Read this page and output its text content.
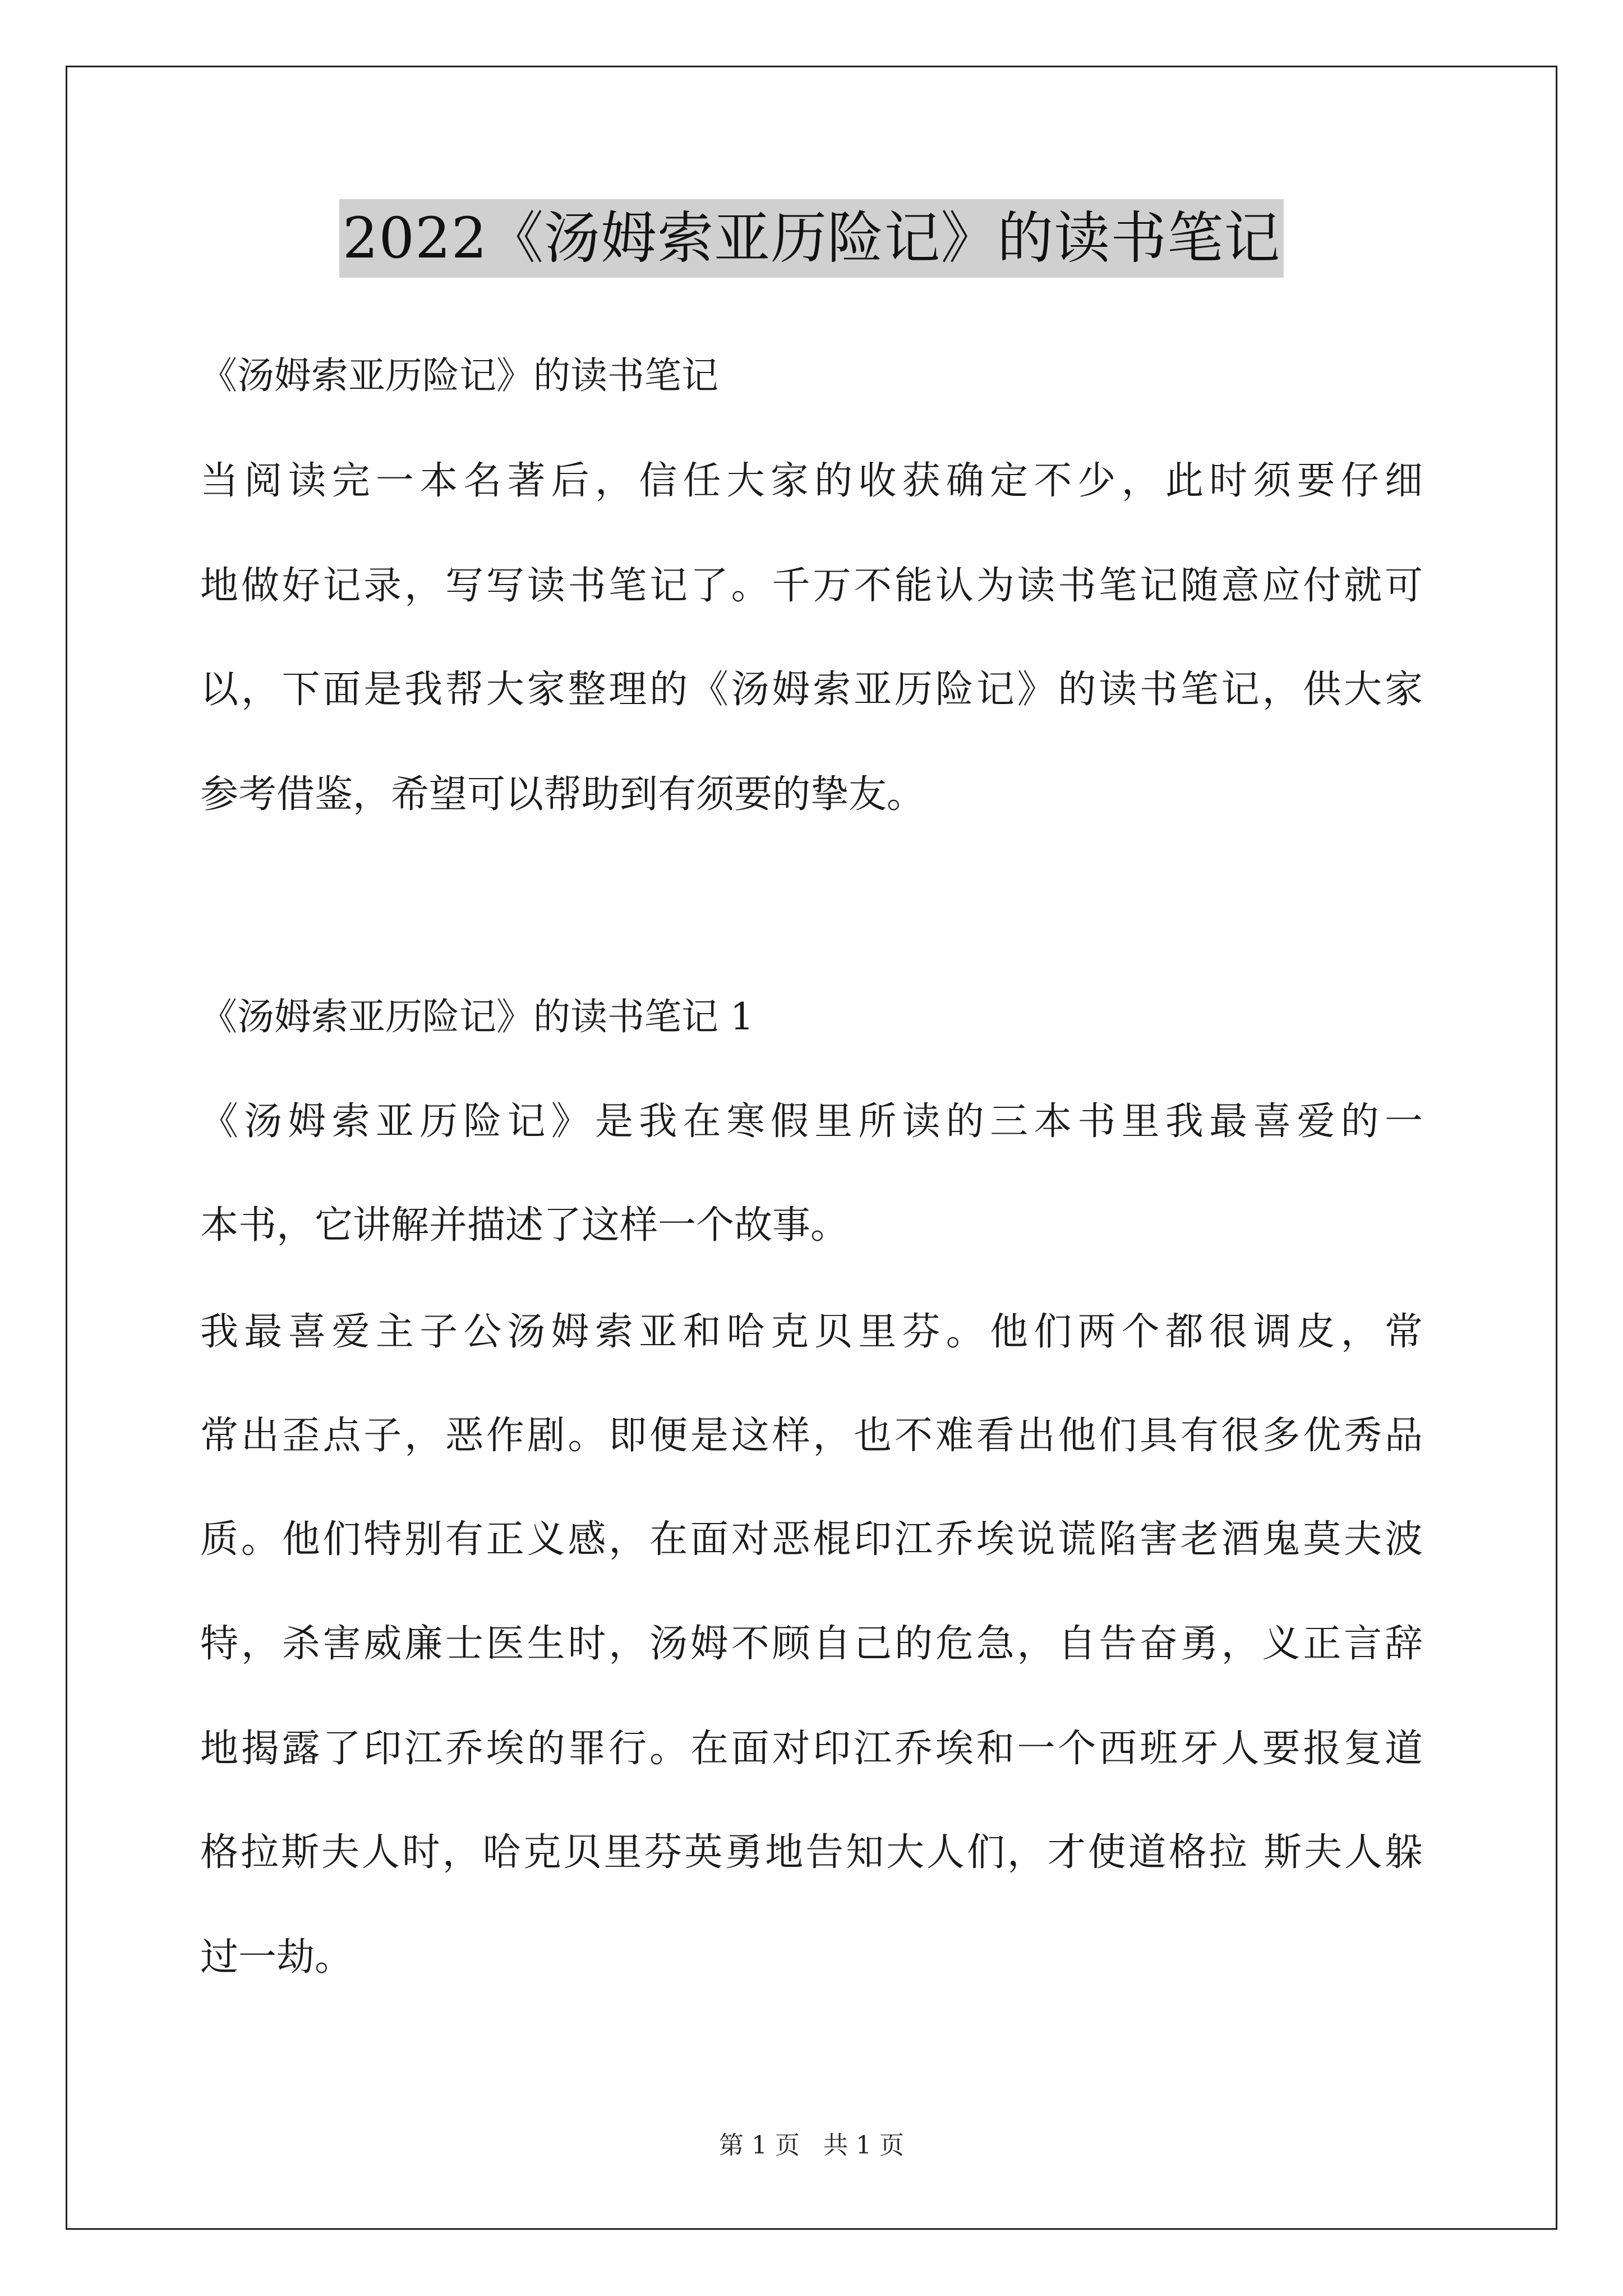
2022《汤姆索亚历险记》的读书笔记
《汤姆索亚历险记》的读书笔记
当阅读完一本名著后，信任大家的收获确定不少，此时须要仔细
地做好记录，写写读书笔记了。千万不能认为读书笔记随意应付就可
以，下面是我帮大家整理的《汤姆索亚历险记》的读书笔记，供大家
参考借鉴，希望可以帮助到有须要的挚友。
《汤姆索亚历险记》的读书笔记 1
《汤姆索亚历险记》是我在寒假里所读的三本书里我最喜爱的一
本书，它讲解并描述了这样一个故事。
我最喜爱主子公汤姆索亚和哈克贝里芬。他们两个都很调皮，常
常出歪点子，恶作剧。即便是这样，也不难看出他们具有很多优秀品
质。他们特别有正义感，在面对恶棍印江乔埃说谎陷害老酒鬼莫夫波
特，杀害威廉士医生时，汤姆不顾自己的危急，自告奋勇，义正言辞
地揭露了印江乔埃的罪行。在面对印江乔埃和一个西班牙人要报复道
格拉斯夫人时，哈克贝里芬英勇地告知大人们，才使道格拉 斯夫人躲
过一劫。
第 1 页 共 1 页
